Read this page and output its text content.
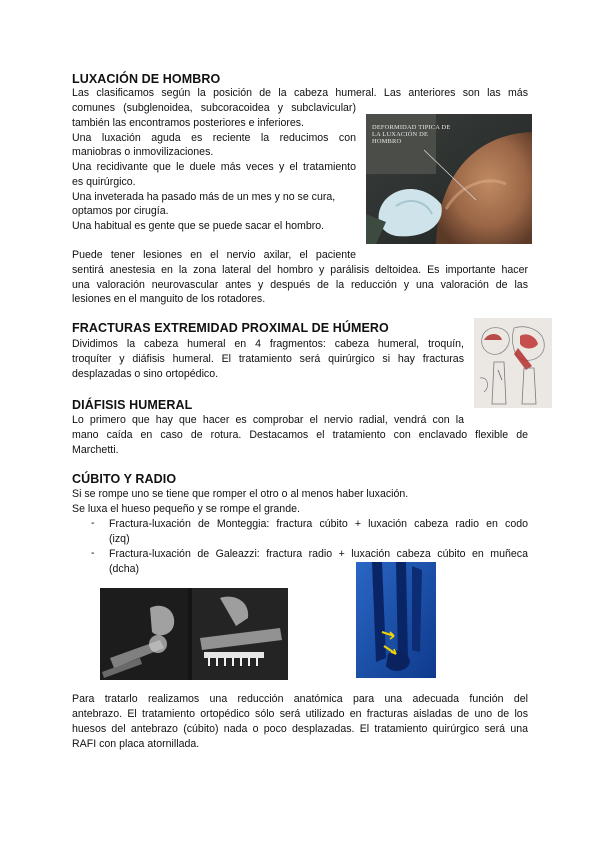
LUXACIÓN DE HOMBRO
Las clasificamos según la posición de la cabeza humeral. Las anteriores son las más
comunes (subglenoidea, subcoracoidea y subclavicular)
también las encontramos posteriores e inferiores.
Una luxación aguda es reciente la reducimos con
maniobras o inmovilizaciones.
Una recidivante que le duele más veces y el tratamiento
es quirúrgico.
Una inveterada ha pasado más de un mes y no se cura,
optamos por cirugía.
Una habitual es gente que se puede sacar el hombro.
DEFORMIDAD TIPICA DE LA LUXACIÓN DE HOMBRO
Puede tener lesiones en el nervio axilar, el paciente
sentirá anestesia en la zona lateral del hombro y parálisis deltoidea. Es importante hacer
una valoración neurovascular antes y después de la reducción y una valoración de las
lesiones en el manguito de los rotadores.
FRACTURAS EXTREMIDAD PROXIMAL DE HÚMERO
Dividimos la cabeza humeral en 4 fragmentos: cabeza humeral, troquín,
troquíter y diáfisis humeral. El tratamiento será quirúrgico si hay fracturas
desplazadas o sino ortopédico.
DIÁFISIS HUMERAL
Lo primero que hay que hacer es comprobar el nervio radial, vendrá con la
mano caída en caso de rotura. Destacamos el tratamiento con enclavado flexible de
Marchetti.
CÚBITO Y RADIO
Si se rompe uno se tiene que romper el otro o al menos haber luxación.
Se luxa el hueso pequeño y se rompe el grande.
- Fractura-luxación de Monteggia: fractura cúbito + luxación cabeza radio en codo
(izq)
- Fractura-luxación de Galeazzi: fractura radio + luxación cabeza cúbito en muñeca
(dcha)
Para tratarlo realizamos una reducción anatómica para una adecuada función del
antebrazo. El tratamiento ortopédico sólo será utilizado en fracturas aisladas de uno de los
huesos del antebrazo (cúbito) nada o poco desplazadas. El tratamiento quirúrgico será una
RAFI con placa atornillada.
